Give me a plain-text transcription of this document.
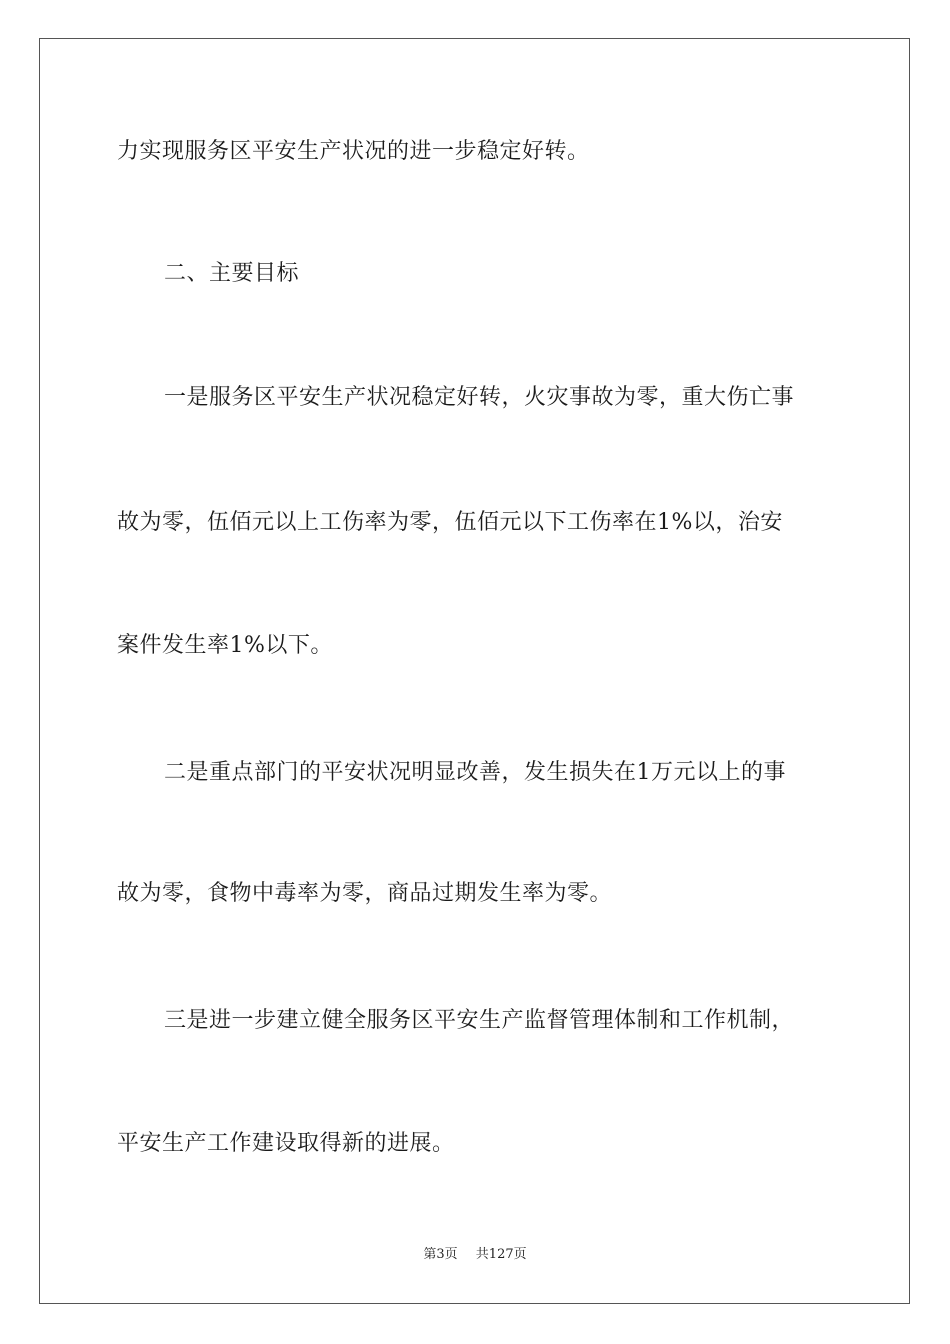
力实现服务区平安生产状况的进一步稳定好转。
二、主要目标
一是服务区平安生产状况稳定好转，火灾事故为零，重大伤亡事
故为零，伍佰元以上工伤率为零，伍佰元以下工伤率在1%以，治安
案件发生率1%以下。
二是重点部门的平安状况明显改善，发生损失在1万元以上的事
故为零，食物中毒率为零，商品过期发生率为零。
三是进一步建立健全服务区平安生产监督管理体制和工作机制，
平安生产工作建设取得新的进展。
第3页 共127页
